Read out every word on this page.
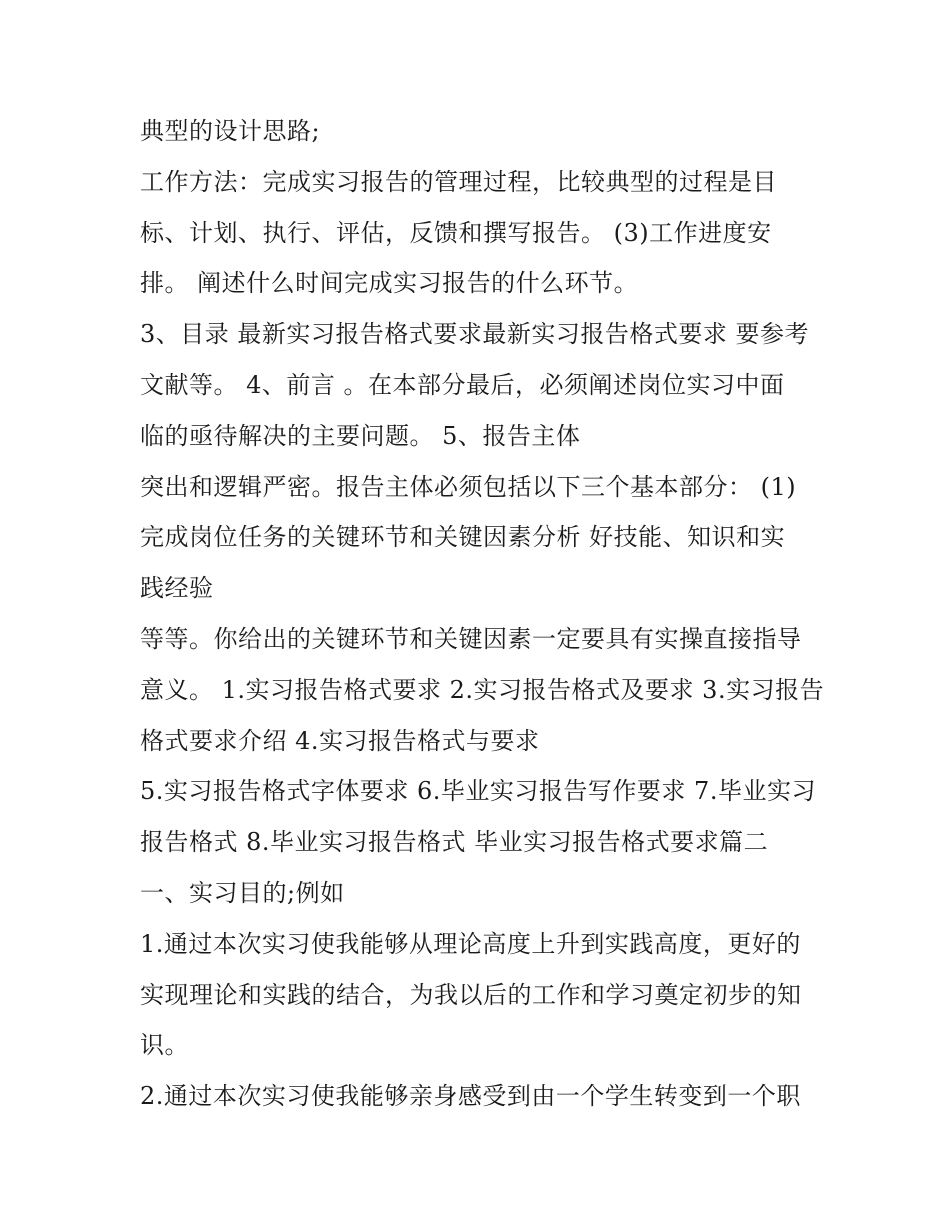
典型的设计思路;
工作方法：完成实习报告的管理过程，比较典型的过程是目
标、计划、执行、评估，反馈和撰写报告。 (3)工作进度安
排。 阐述什么时间完成实习报告的什么环节。
3、目录 最新实习报告格式要求最新实习报告格式要求 要参考
文献等。 4、前言 。在本部分最后，必须阐述岗位实习中面
临的亟待解决的主要问题。 5、报告主体
突出和逻辑严密。报告主体必须包括以下三个基本部分： (1)
完成岗位任务的关键环节和关键因素分析 好技能、知识和实
践经验
等等。你给出的关键环节和关键因素一定要具有实操直接指导
意义。 1.实习报告格式要求 2.实习报告格式及要求 3.实习报告
格式要求介绍 4.实习报告格式与要求
5.实习报告格式字体要求 6.毕业实习报告写作要求 7.毕业实习
报告格式 8.毕业实习报告格式 毕业实习报告格式要求篇二
一、实习目的;例如
1.通过本次实习使我能够从理论高度上升到实践高度，更好的
实现理论和实践的结合，为我以后的工作和学习奠定初步的知
识。
2.通过本次实习使我能够亲身感受到由一个学生转变到一个职
